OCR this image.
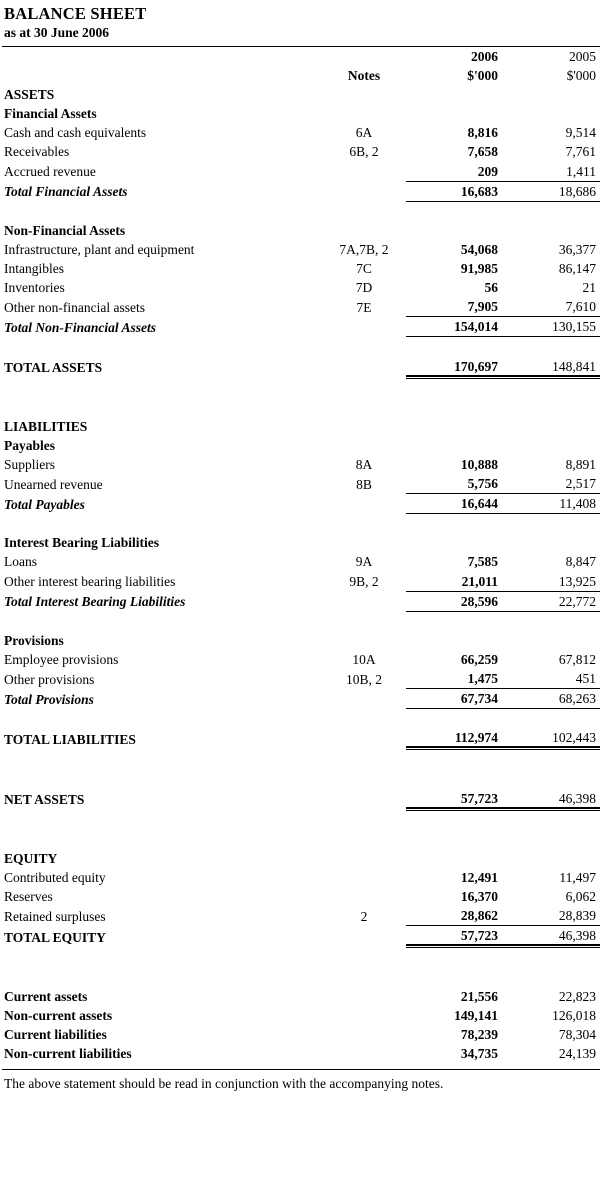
BALANCE SHEET
as at 30 June 2006
		2006	2005
	Notes	$'000	$'000
ASSETS			
Financial Assets			
Cash and cash equivalents	6A	8,816	9,514
Receivables	6B, 2	7,658	7,761
Accrued revenue		209	1,411
Total Financial Assets		16,683	18,686

Non-Financial Assets			
Infrastructure, plant and equipment	7A,7B, 2	54,068	36,377
Intangibles	7C	91,985	86,147
Inventories	7D	56	21
Other non-financial assets	7E	7,905	7,610
Total Non-Financial Assets		154,014	130,155

TOTAL ASSETS		170,697	148,841

LIABILITIES			
Payables			
Suppliers	8A	10,888	8,891
Unearned revenue	8B	5,756	2,517
Total Payables		16,644	11,408

Interest Bearing Liabilities			
Loans	9A	7,585	8,847
Other interest bearing liabilities	9B, 2	21,011	13,925
Total Interest Bearing Liabilities		28,596	22,772

Provisions			
Employee provisions	10A	66,259	67,812
Other provisions	10B, 2	1,475	451
Total Provisions		67,734	68,263

TOTAL LIABILITIES		112,974	102,443

NET ASSETS		57,723	46,398

EQUITY			
Contributed equity		12,491	11,497
Reserves		16,370	6,062
Retained surpluses	2	28,862	28,839
TOTAL EQUITY		57,723	46,398

Current assets		21,556	22,823
Non-current assets		149,141	126,018
Current liabilities		78,239	78,304
Non-current liabilities		34,735	24,139
The above statement should be read in conjunction with the accompanying notes.
